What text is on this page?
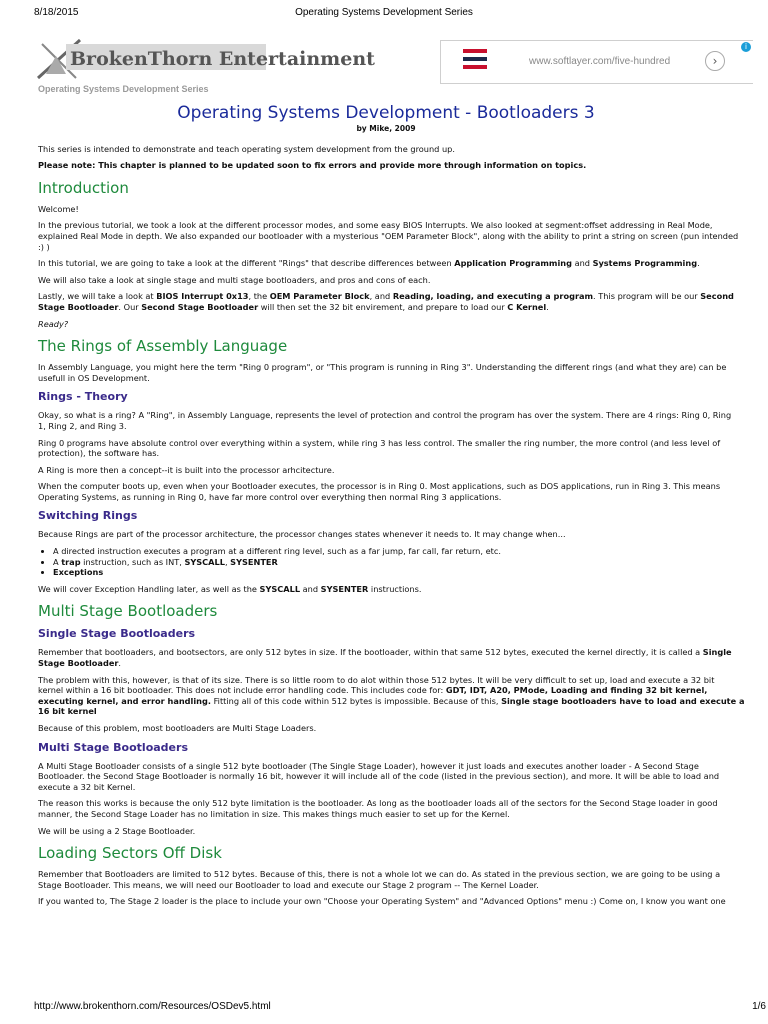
8/18/2015	Operating Systems Development Series
BrokenThorn Entertainment
Operating Systems Development Series
www.softlayer.com/five-hundred	›
i
Operating Systems Development - Bootloaders 3
by Mike, 2009

This series is intended to demonstrate and teach operating system development from the ground up.

Please note: This chapter is planned to be updated soon to fix errors and provide more through information on topics.

Introduction

Welcome!

In the previous tutorial, we took a look at the different processor modes, and some easy BIOS Interrupts. We also looked at segment:offset addressing in Real Mode,
explained Real Mode in depth. We also expanded our bootloader with a mysterious "OEM Parameter Block", along with the ability to print a string on screen (pun intended
:) )

In this tutorial, we are going to take a look at the different "Rings" that describe differences between Application Programming and Systems Programming.

We will also take a look at single stage and multi stage bootloaders, and pros and cons of each.

Lastly, we will take a look at BIOS Interrupt 0x13, the OEM Parameter Block, and Reading, loading, and executing a program. This program will be our Second
Stage Bootloader. Our Second Stage Bootloader will then set the 32 bit envirement, and prepare to load our C Kernel.

Ready?

The Rings of Assembly Language

In Assembly Language, you might here the term "Ring 0 program", or "This program is running in Ring 3". Understanding the different rings (and what they are) can be
usefull in OS Development.

Rings - Theory

Okay, so what is a ring? A "Ring", in Assembly Language, represents the level of protection and control the program has over the system. There are 4 rings: Ring 0, Ring
1, Ring 2, and Ring 3.

Ring 0 programs have absolute control over everything within a system, while ring 3 has less control. The smaller the ring number, the more control (and less level of
protection), the software has.

A Ring is more then a concept--it is built into the processor arhcitecture.

When the computer boots up, even when your Bootloader executes, the processor is in Ring 0. Most applications, such as DOS applications, run in Ring 3. This means
Operating Systems, as running in Ring 0, have far more control over everything then normal Ring 3 applications.

Switching Rings

Because Rings are part of the processor architecture, the processor changes states whenever it needs to. It may change when...

• A directed instruction executes a program at a different ring level, such as a far jump, far call, far return, etc.
• A trap instruction, such as INT, SYSCALL, SYSENTER
• Exceptions

We will cover Exception Handling later, as well as the SYSCALL and SYSENTER instructions.

Multi Stage Bootloaders
Single Stage Bootloaders

Remember that bootloaders, and bootsectors, are only 512 bytes in size. If the bootloader, within that same 512 bytes, executed the kernel directly, it is called a Single
Stage Bootloader.

The problem with this, however, is that of its size. There is so little room to do alot within those 512 bytes. It will be very difficult to set up, load and execute a 32 bit
kernel within a 16 bit bootloader. This does not include error handling code. This includes code for: GDT, IDT, A20, PMode, Loading and finding 32 bit kernel,
executing kernel, and error handling. Fitting all of this code within 512 bytes is impossible. Because of this, Single stage bootloaders have to load and execute a
16 bit kernel

Because of this problem, most bootloaders are Multi Stage Loaders.

Multi Stage Bootloaders

A Multi Stage Bootloader consists of a single 512 byte bootloader (The Single Stage Loader), however it just loads and executes another loader - A Second Stage
Bootloader. the Second Stage Bootloader is normally 16 bit, however it will include all of the code (listed in the previous section), and more. It will be able to load and
execute a 32 bit Kernel.

The reason this works is because the only 512 byte limitation is the bootloader. As long as the bootloader loads all of the sectors for the Second Stage loader in good
manner, the Second Stage Loader has no limitation in size. This makes things much easier to set up for the Kernel.

We will be using a 2 Stage Bootloader.

Loading Sectors Off Disk

Remember that Bootloaders are limited to 512 bytes. Because of this, there is not a whole lot we can do. As stated in the previous section, we are going to be using a
Stage Bootloader. This means, we will need our Bootloader to load and execute our Stage 2 program -- The Kernel Loader.

If you wanted to, The Stage 2 loader is the place to include your own "Choose your Operating System" and "Advanced Options" menu :) Come on, I know you want one

http://www.brokenthorn.com/Resources/OSDev5.html	1/6
